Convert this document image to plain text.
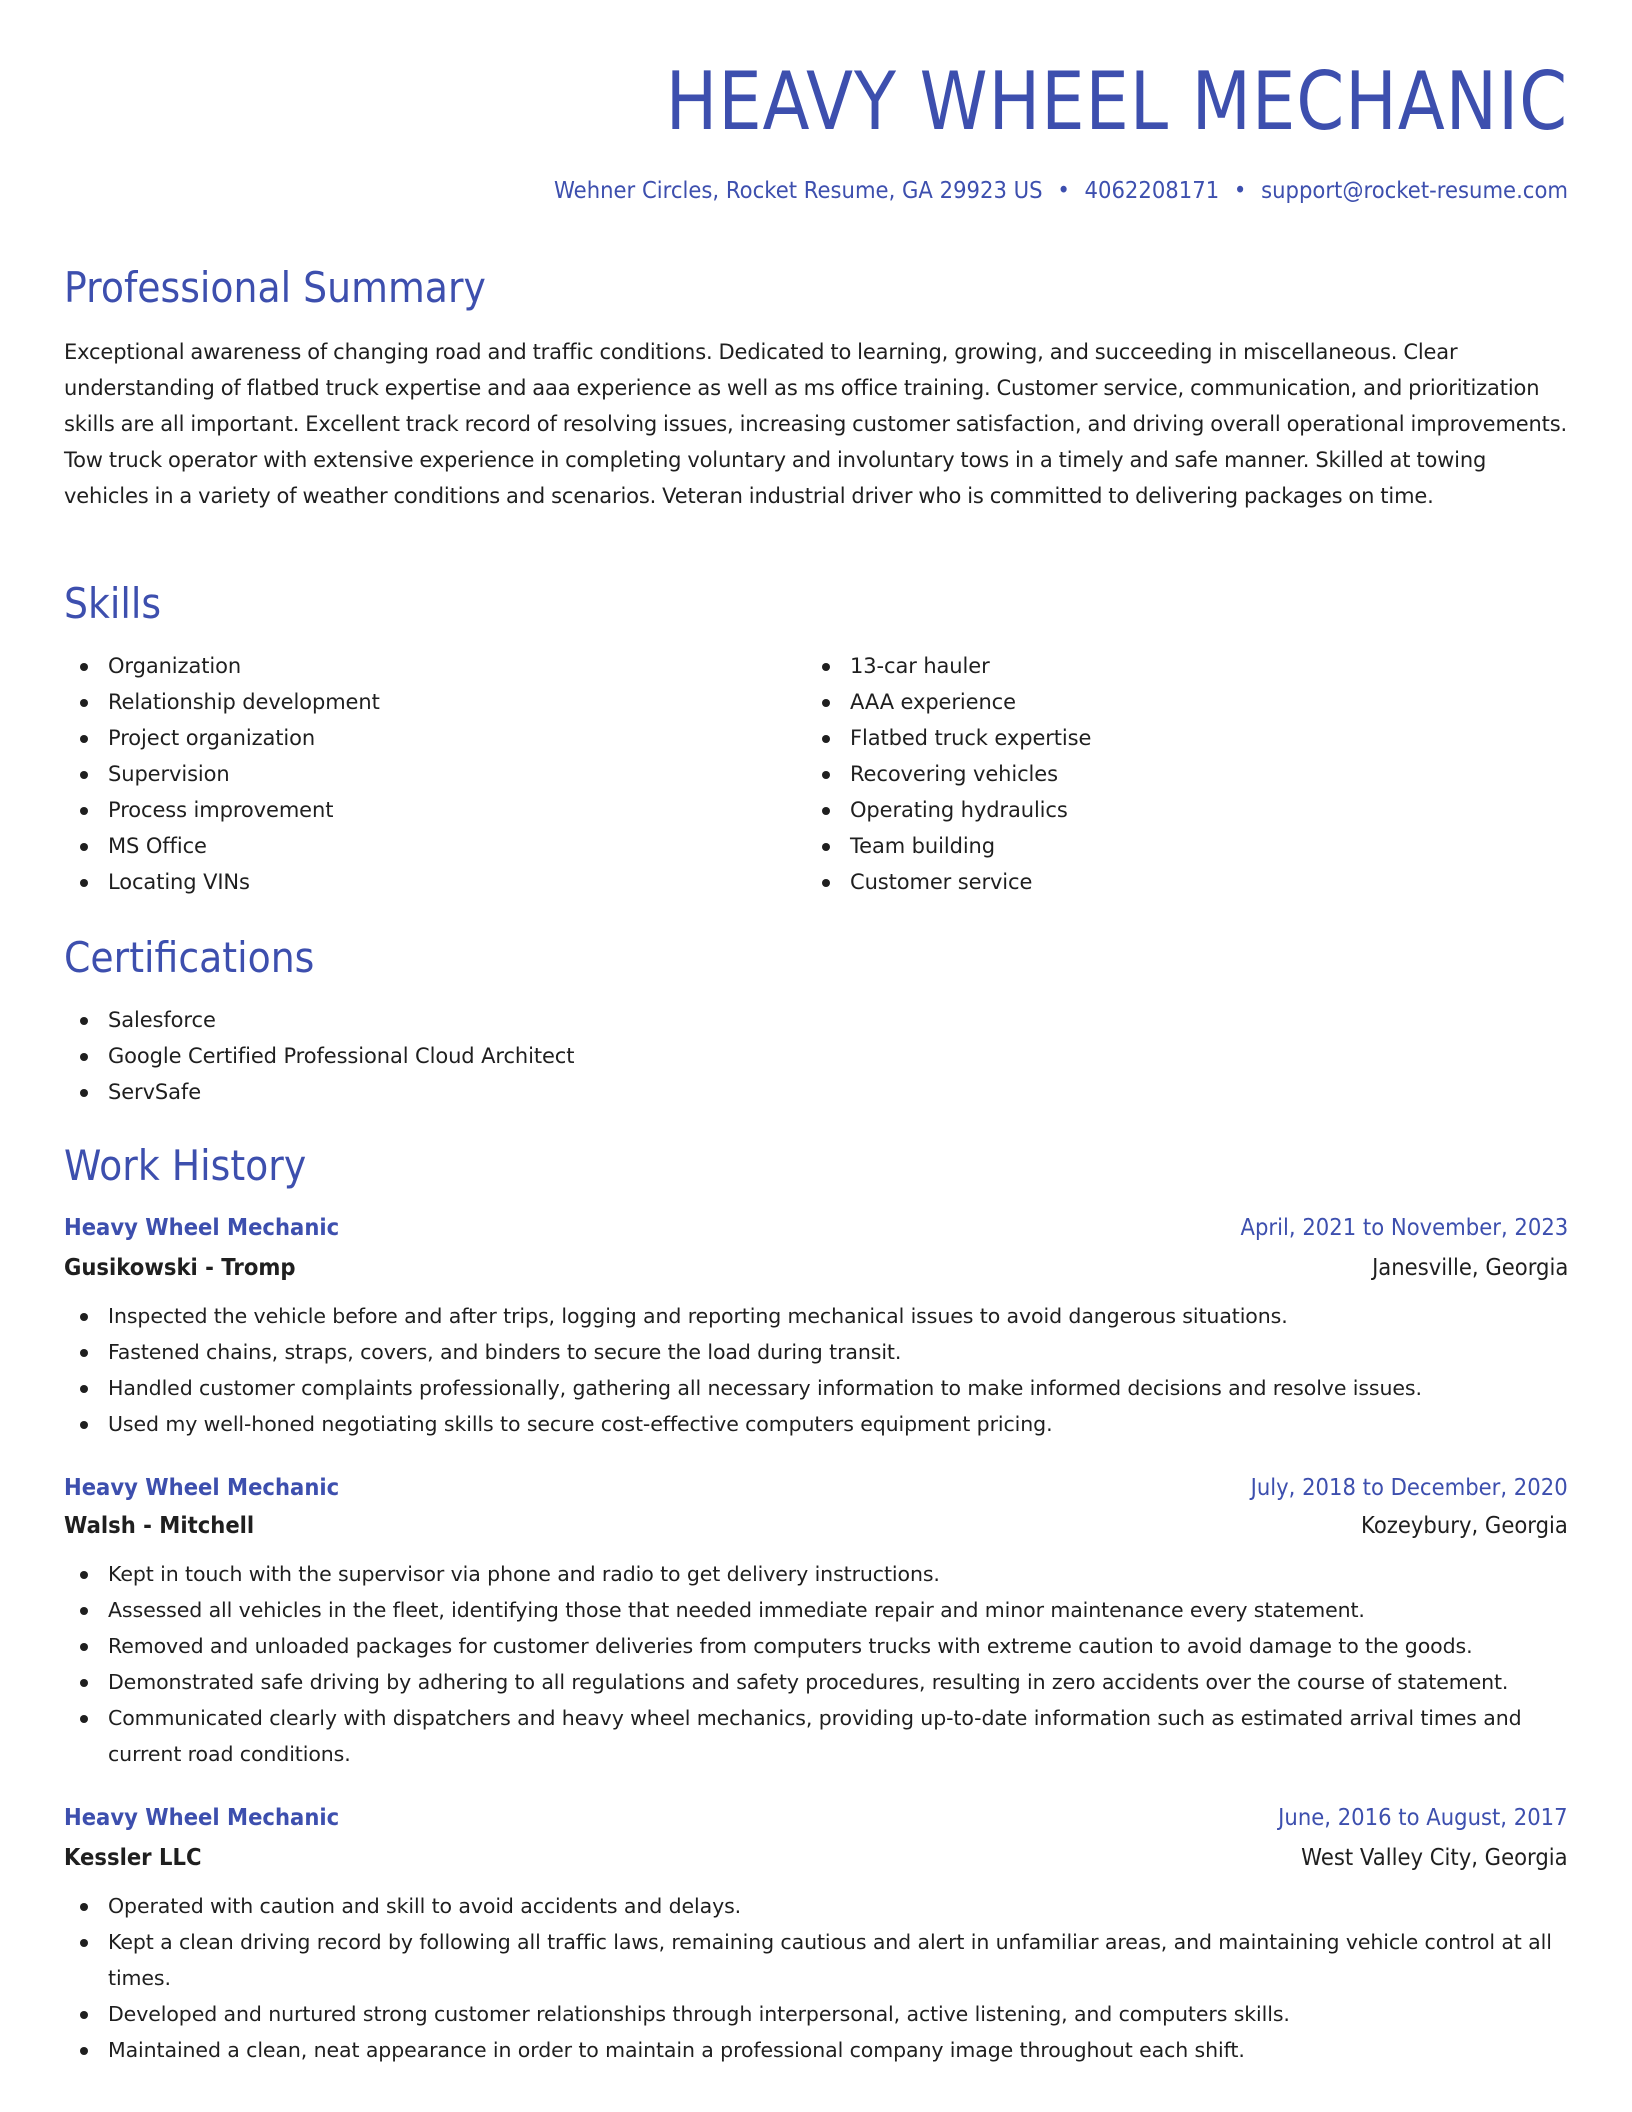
HEAVY WHEEL MECHANIC
Wehner Circles, Rocket Resume, GA 29923 US • 4062208171 • support@rocket-resume.com
Professional Summary

Exceptional awareness of changing road and traffic conditions. Dedicated to learning, growing, and succeeding in miscellaneous. Clear understanding of flatbed truck expertise and aaa experience as well as ms office training. Customer service, communication, and prioritization skills are all important. Excellent track record of resolving issues, increasing customer satisfaction, and driving overall operational improvements. Tow truck operator with extensive experience in completing voluntary and involuntary tows in a timely and safe manner. Skilled at towing vehicles in a variety of weather conditions and scenarios. Veteran industrial driver who is committed to delivering packages on time.

Skills
Organization
Relationship development
Project organization
Supervision
Process improvement
MS Office
Locating VINs
13-car hauler
AAA experience
Flatbed truck expertise
Recovering vehicles
Operating hydraulics
Team building
Customer service
Certifications
Salesforce
Google Certified Professional Cloud Architect
ServSafe
Work History
Heavy Wheel Mechanic	April, 2021 to November, 2023
Gusikowski - Tromp	Janesville, Georgia
Inspected the vehicle before and after trips, logging and reporting mechanical issues to avoid dangerous situations.
Fastened chains, straps, covers, and binders to secure the load during transit.
Handled customer complaints professionally, gathering all necessary information to make informed decisions and resolve issues.
Used my well-honed negotiating skills to secure cost-effective computers equipment pricing.
Heavy Wheel Mechanic	July, 2018 to December, 2020
Walsh - Mitchell	Kozeybury, Georgia
Kept in touch with the supervisor via phone and radio to get delivery instructions.
Assessed all vehicles in the fleet, identifying those that needed immediate repair and minor maintenance every statement.
Removed and unloaded packages for customer deliveries from computers trucks with extreme caution to avoid damage to the goods.
Demonstrated safe driving by adhering to all regulations and safety procedures, resulting in zero accidents over the course of statement.
Communicated clearly with dispatchers and heavy wheel mechanics, providing up-to-date information such as estimated arrival times and current road conditions.
Heavy Wheel Mechanic	June, 2016 to August, 2017
Kessler LLC	West Valley City, Georgia
Operated with caution and skill to avoid accidents and delays.
Kept a clean driving record by following all traffic laws, remaining cautious and alert in unfamiliar areas, and maintaining vehicle control at all times.
Developed and nurtured strong customer relationships through interpersonal, active listening, and computers skills.
Maintained a clean, neat appearance in order to maintain a professional company image throughout each shift.
